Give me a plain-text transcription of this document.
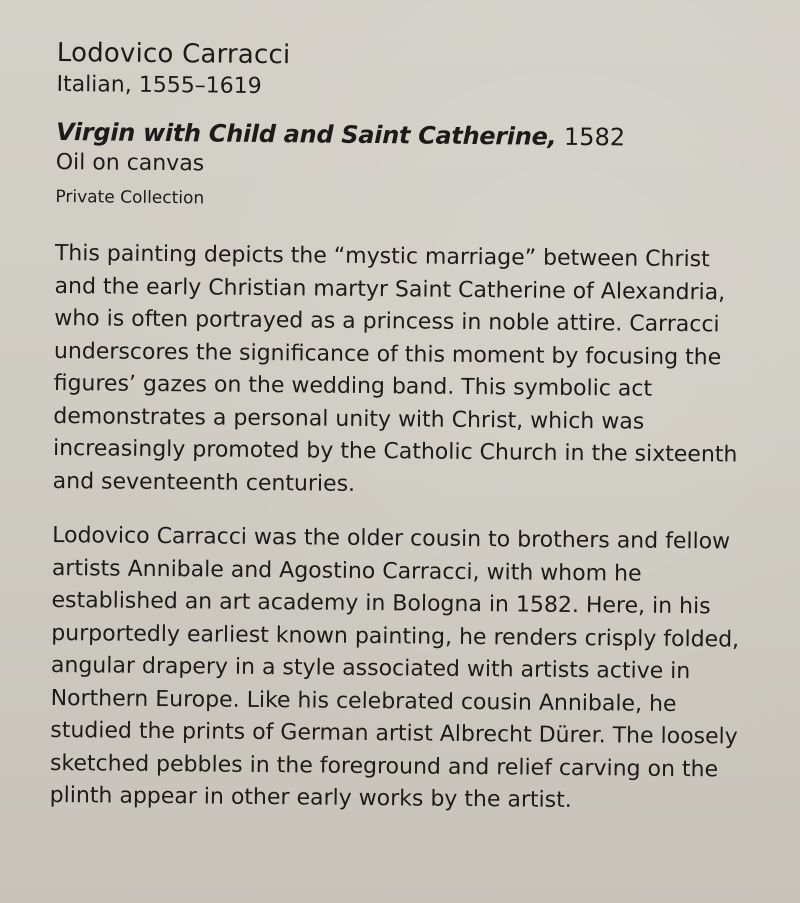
Lodovico Carracci

Italian, 1555–1619

Virgin with Child and Saint Catherine, 1582

Oil on canvas

Private Collection

This painting depicts the “mystic marriage” between Christ
and the early Christian martyr Saint Catherine of Alexandria,
who is often portrayed as a princess in noble attire. Carracci
underscores the significance of this moment by focusing the
figures’ gazes on the wedding band. This symbolic act
demonstrates a personal unity with Christ, which was
increasingly promoted by the Catholic Church in the sixteenth
and seventeenth centuries.
Lodovico Carracci was the older cousin to brothers and fellow
artists Annibale and Agostino Carracci, with whom he
established an art academy in Bologna in 1582. Here, in his
purportedly earliest known painting, he renders crisply folded,
angular drapery in a style associated with artists active in
Northern Europe. Like his celebrated cousin Annibale, he
studied the prints of German artist Albrecht Dürer. The loosely
sketched pebbles in the foreground and relief carving on the
plinth appear in other early works by the artist.
